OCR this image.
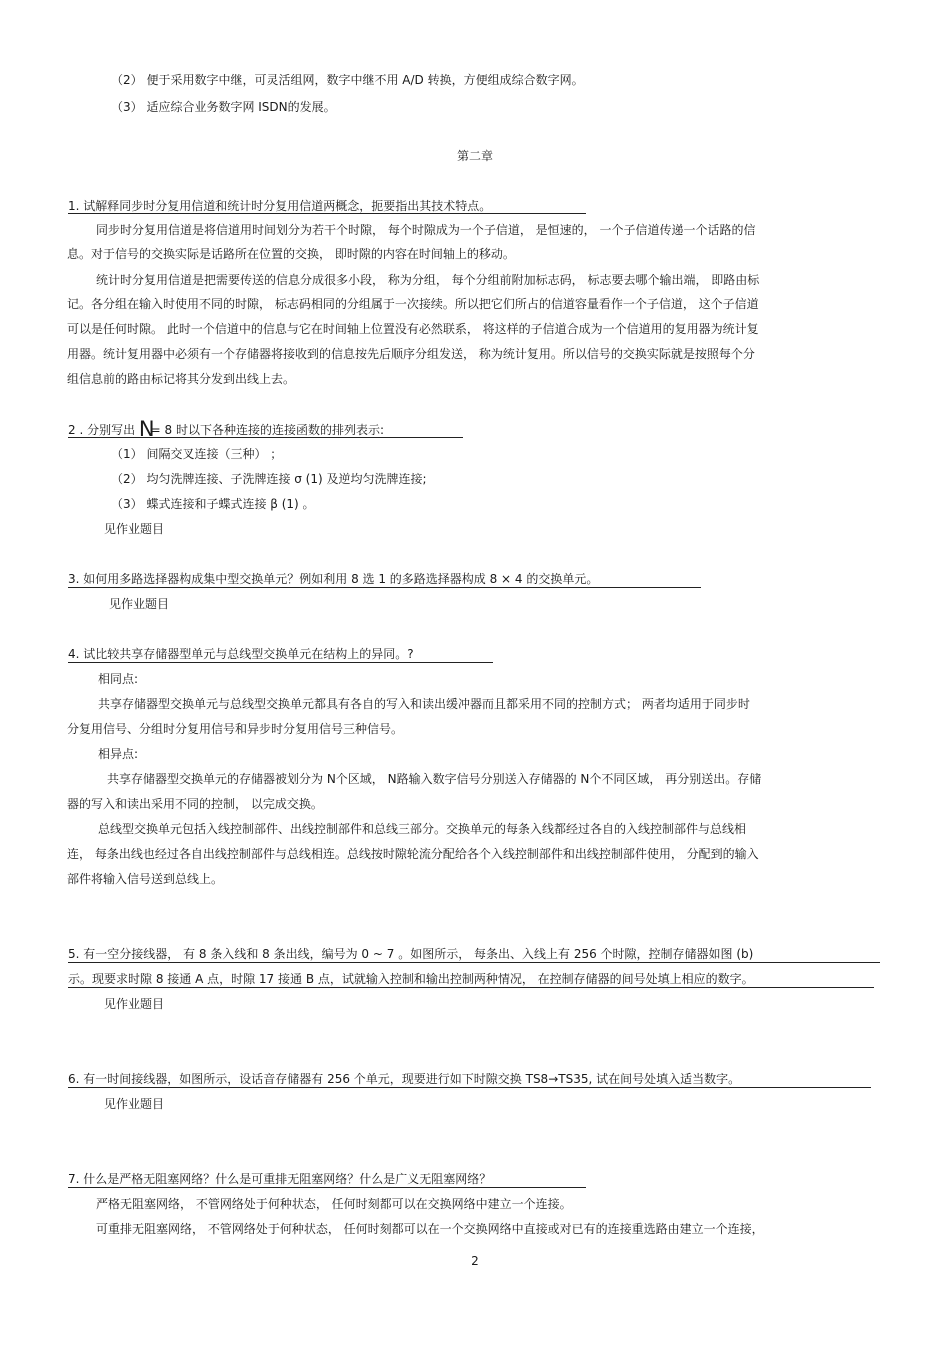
（2） 便于采用数字中继，可灵活组网，数字中继不用 A/D 转换，方便组成综合数字网。
（3） 适应综合业务数字网 ISDN的发展。
第二章
1. 试解释同步时分复用信道和统计时分复用信道两概念，扼要指出其技术特点。
同步时分复用信道是将信道用时间划分为若干个时隙， 每个时隙成为一个子信道， 是恒速的， 一个子信道传递一个话路的信
息。对于信号的交换实际是话路所在位置的交换， 即时隙的内容在时间轴上的移动。
统计时分复用信道是把需要传送的信息分成很多小段， 称为分组， 每个分组前附加标志码， 标志要去哪个输出端， 即路由标
记。各分组在输入时使用不同的时隙， 标志码相同的分组属于一次接续。所以把它们所占的信道容量看作一个子信道， 这个子信道
可以是任何时隙。 此时一个信道中的信息与它在时间轴上位置没有必然联系， 将这样的子信道合成为一个信道用的复用器为统计复
用器。统计复用器中必须有一个存储器将接收到的信息按先后顺序分组发送， 称为统计复用。所以信号的交换实际就是按照每个分
组信息前的路由标记将其分发到出线上去。
2 . 分别写出 N= 8 时以下各种连接的连接函数的排列表示:
（1） 间隔交叉连接（三种） ；
（2） 均匀洗牌连接、子洗牌连接 σ (1) 及逆均匀洗牌连接;
（3） 蝶式连接和子蝶式连接 β (1) 。
见作业题目
3. 如何用多路选择器构成集中型交换单元？例如利用 8 选 1 的多路选择器构成 8 × 4 的交换单元。
见作业题目
4. 试比较共享存储器型单元与总线型交换单元在结构上的异同。?
相同点:
共享存储器型交换单元与总线型交换单元都具有各自的写入和读出缓冲器而且都采用不同的控制方式； 两者均适用于同步时
分复用信号、分组时分复用信号和异步时分复用信号三种信号。
相异点:
共享存储器型交换单元的存储器被划分为 N个区域， N路输入数字信号分别送入存储器的 N个不同区域， 再分别送出。存储
器的写入和读出采用不同的控制， 以完成交换。
总线型交换单元包括入线控制部件、出线控制部件和总线三部分。交换单元的每条入线都经过各自的入线控制部件与总线相
连， 每条出线也经过各自出线控制部件与总线相连。总线按时隙轮流分配给各个入线控制部件和出线控制部件使用， 分配到的输入
部件将输入信号送到总线上。
5. 有一空分接线器， 有 8 条入线和 8 条出线，编号为 0 ~ 7 。如图所示， 每条出、入线上有 256 个时隙，控制存储器如图 (b)
示。现要求时隙 8 接通 A 点，时隙 17 接通 B 点，试就输入控制和输出控制两种情况， 在控制存储器的间号处填上相应的数字。
见作业题目
6. 有一时间接线器，如图所示，设话音存储器有 256 个单元，现要进行如下时隙交换 TS8→TS35, 试在间号处填入适当数字。
见作业题目
7. 什么是严格无阻塞网络？什么是可重排无阻塞网络？什么是广义无阻塞网络？
严格无阻塞网络， 不管网络处于何种状态， 任何时刻都可以在交换网络中建立一个连接。
可重排无阻塞网络， 不管网络处于何种状态， 任何时刻都可以在一个交换网络中直接或对已有的连接重选路由建立一个连接，
2
